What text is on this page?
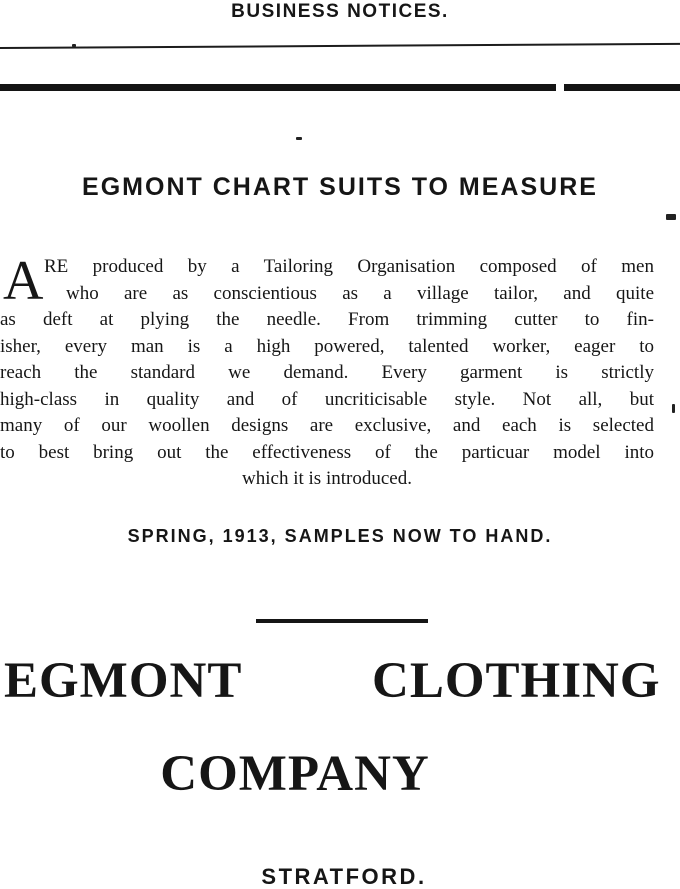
BUSINESS NOTICES.
EGMONT CHART SUITS TO MEASURE
A RE produced by a Tailoring Organisation composed of men
who are as conscientious as a village tailor, and quite
as deft at plying the needle. From trimming cutter to fin-
isher, every man is a high powered, talented worker, eager to
reach the standard we demand. Every garment is strictly
high-class in quality and of uncriticisable style. Not all, but
many of our woollen designs are exclusive, and each is selected
to best bring out the effectiveness of the particuar model into
which it is introduced.
SPRING, 1913, SAMPLES NOW TO HAND.
EGMONT	CLOTHING
COMPANY
STRATFORD.
